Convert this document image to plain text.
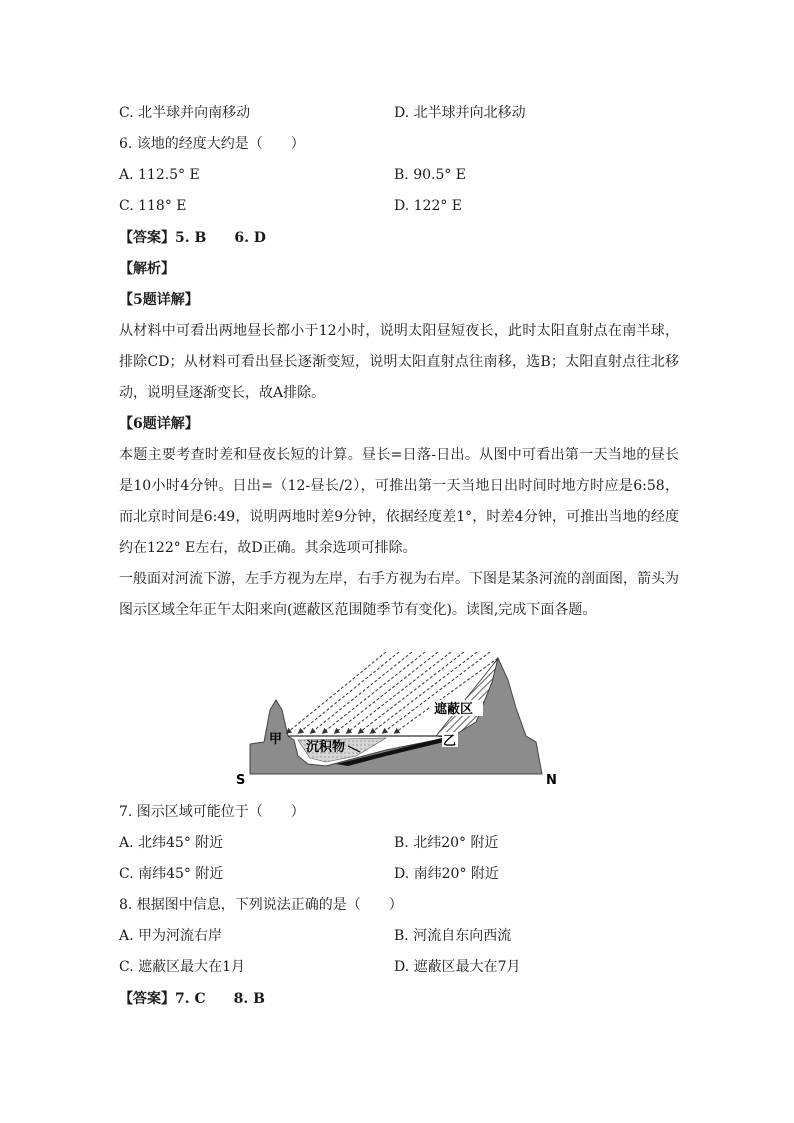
C. 北半球并向南移动	D. 北半球并向北移动
6. 该地的经度大约是（　　）
A. 112.5° E	B. 90.5° E
C. 118° E	D. 122° E
【答案】5. B　　6. D
【解析】
【5题详解】
从材料中可看出两地昼长都小于12小时，说明太阳昼短夜长，此时太阳直射点在南半球，排除CD；从材料可看出昼长逐渐变短，说明太阳直射点往南移，选B；太阳直射点往北移动，说明昼逐渐变长，故A排除。
【6题详解】
本题主要考查时差和昼夜长短的计算。昼长=日落-日出。从图中可看出第一天当地的昼长是10小时4分钟。日出=（12-昼长/2），可推出第一天当地日出时间时地方时应是6:58，而北京时间是6:49，说明两地时差9分钟，依据经度差1°，时差4分钟，可推出当地的经度约在122° E左右，故D正确。其余选项可排除。
一般面对河流下游，左手方视为左岸，右手方视为右岸。下图是某条河流的剖面图，箭头为图示区域全年正午太阳来向(遮蔽区范围随季节有变化)。读图,完成下面各题。
遮蔽区
甲	乙
沉积物
S	N
7. 图示区域可能位于（　　）
A. 北纬45° 附近	B. 北纬20° 附近
C. 南纬45° 附近	D. 南纬20° 附近
8. 根据图中信息，下列说法正确的是（　　）
A. 甲为河流右岸	B. 河流自东向西流
C. 遮蔽区最大在1月	D. 遮蔽区最大在7月
【答案】7. C　　8. B
